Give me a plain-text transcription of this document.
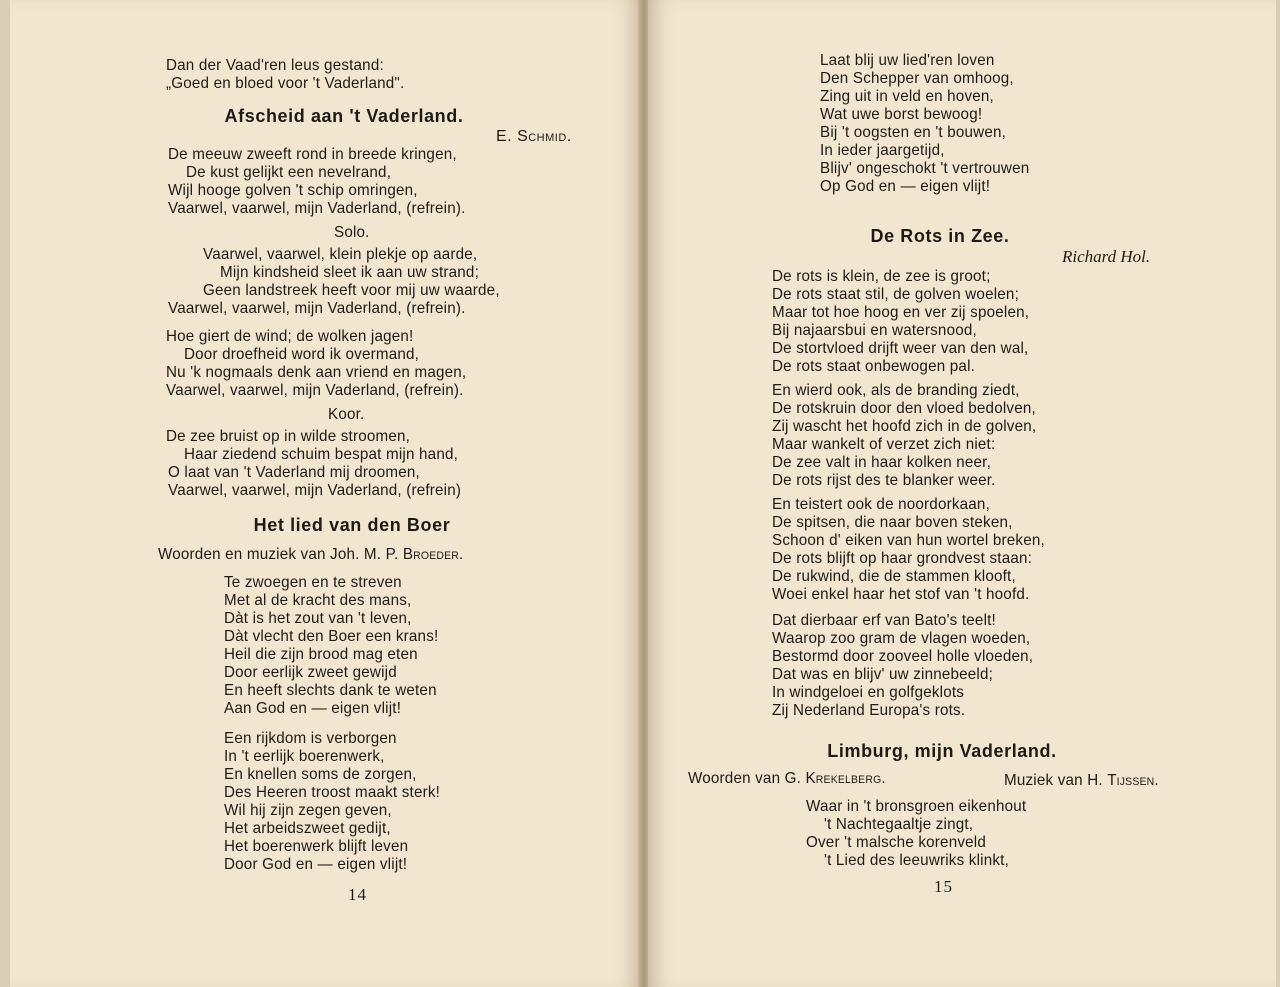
Dan der Vaad'ren leus gestand:
„Goed en bloed voor 't Vaderland".
Afscheid aan 't Vaderland.
E. Schmid.
De meeuw zweeft rond in breede kringen,
De kust gelijkt een nevelrand,
Wijl hooge golven 't schip omringen,
Vaarwel, vaarwel, mijn Vaderland, (refrein).
Solo.
Vaarwel, vaarwel, klein plekje op aarde,
Mijn kindsheid sleet ik aan uw strand;
Geen landstreek heeft voor mij uw waarde,
Vaarwel, vaarwel, mijn Vaderland, (refrein).
Hoe giert de wind; de wolken jagen!
Door droefheid word ik overmand,
Nu 'k nogmaals denk aan vriend en magen,
Vaarwel, vaarwel, mijn Vaderland, (refrein).
Koor.
De zee bruist op in wilde stroomen,
Haar ziedend schuim bespat mijn hand,
O laat van 't Vaderland mij droomen,
Vaarwel, vaarwel, mijn Vaderland, (refrein)
Het lied van den Boer
Woorden en muziek van Joh. M. P. Broeder.
Te zwoegen en te streven
Met al de kracht des mans,
Dàt is het zout van 't leven,
Dàt vlecht den Boer een krans!
Heil die zijn brood mag eten
Door eerlijk zweet gewijd
En heeft slechts dank te weten
Aan God en — eigen vlijt!
Een rijkdom is verborgen
In 't eerlijk boerenwerk,
En knellen soms de zorgen,
Des Heeren troost maakt sterk!
Wil hij zijn zegen geven,
Het arbeidszweet gedijt,
Het boerenwerk blijft leven
Door God en — eigen vlijt!
14
Laat blij uw lied'ren loven
Den Schepper van omhoog,
Zing uit in veld en hoven,
Wat uwe borst bewoog!
Bij 't oogsten en 't bouwen,
In ieder jaargetijd,
Blijv' ongeschokt 't vertrouwen
Op God en — eigen vlijt!
De Rots in Zee.
Richard Hol.
De rots is klein, de zee is groot;
De rots staat stil, de golven woelen;
Maar tot hoe hoog en ver zij spoelen,
Bij najaarsbui en watersnood,
De stortvloed drijft weer van den wal,
De rots staat onbewogen pal.
En wierd ook, als de branding ziedt,
De rotskruin door den vloed bedolven,
Zij wascht het hoofd zich in de golven,
Maar wankelt of verzet zich niet:
De zee valt in haar kolken neer,
De rots rijst des te blanker weer.
En teistert ook de noordorkaan,
De spitsen, die naar boven steken,
Schoon d' eiken van hun wortel breken,
De rots blijft op haar grondvest staan:
De rukwind, die de stammen klooft,
Woei enkel haar het stof van 't hoofd.
Dat dierbaar erf van Bato's teelt!
Waarop zoo gram de vlagen woeden,
Bestormd door zooveel holle vloeden,
Dat was en blijv' uw zinnebeeld;
In windgeloei en golfgeklots
Zij Nederland Europa's rots.
Limburg, mijn Vaderland.
Woorden van G. Krekelberg.	Muziek van H. Tijssen.
Waar in 't bronsgroen eikenhout
't Nachtegaaltje zingt,
Over 't malsche korenveld
't Lied des leeuwriks klinkt,
15
